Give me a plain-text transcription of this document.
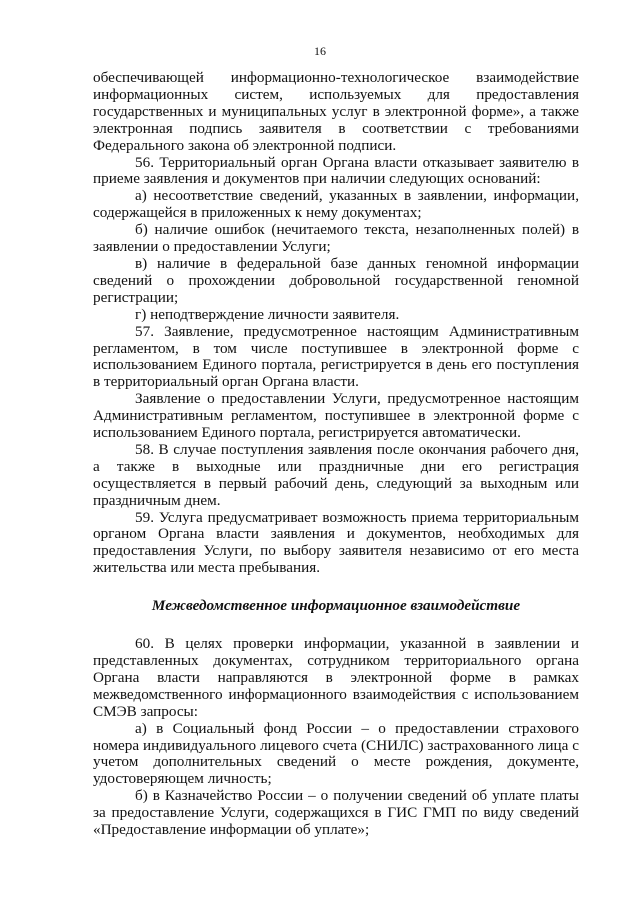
16

обеспечивающей информационно-технологическое взаимодействие информационных систем, используемых для предоставления государственных и муниципальных услуг в электронной форме», а также электронная подпись заявителя в соответствии с требованиями Федерального закона об электронной подписи.

56. Территориальный орган Органа власти отказывает заявителю в приеме заявления и документов при наличии следующих оснований:

а) несоответствие сведений, указанных в заявлении, информации, содержащейся в приложенных к нему документах;

б) наличие ошибок (нечитаемого текста, незаполненных полей) в заявлении о предоставлении Услуги;

в) наличие в федеральной базе данных геномной информации сведений о прохождении добровольной государственной геномной регистрации;

г) неподтверждение личности заявителя.

57. Заявление, предусмотренное настоящим Административным регламентом, в том числе поступившее в электронной форме с использованием Единого портала, регистрируется в день его поступления в территориальный орган Органа власти.

Заявление о предоставлении Услуги, предусмотренное настоящим Административным регламентом, поступившее в электронной форме с использованием Единого портала, регистрируется автоматически.

58. В случае поступления заявления после окончания рабочего дня, а также в выходные или праздничные дни его регистрация осуществляется в первый рабочий день, следующий за выходным или праздничным днем.

59. Услуга предусматривает возможность приема территориальным органом Органа власти заявления и документов, необходимых для предоставления Услуги, по выбору заявителя независимо от его места жительства или места пребывания.

Межведомственное информационное взаимодействие

60. В целях проверки информации, указанной в заявлении и представленных документах, сотрудником территориального органа Органа власти направляются в электронной форме в рамках межведомственного информационного взаимодействия с использованием СМЭВ запросы:

а) в Социальный фонд России – о предоставлении страхового номера индивидуального лицевого счета (СНИЛС) застрахованного лица с учетом дополнительных сведений о месте рождения, документе, удостоверяющем личность;

б) в Казначейство России – о получении сведений об уплате платы за предоставление Услуги, содержащихся в ГИС ГМП по виду сведений «Предоставление информации об уплате»;
